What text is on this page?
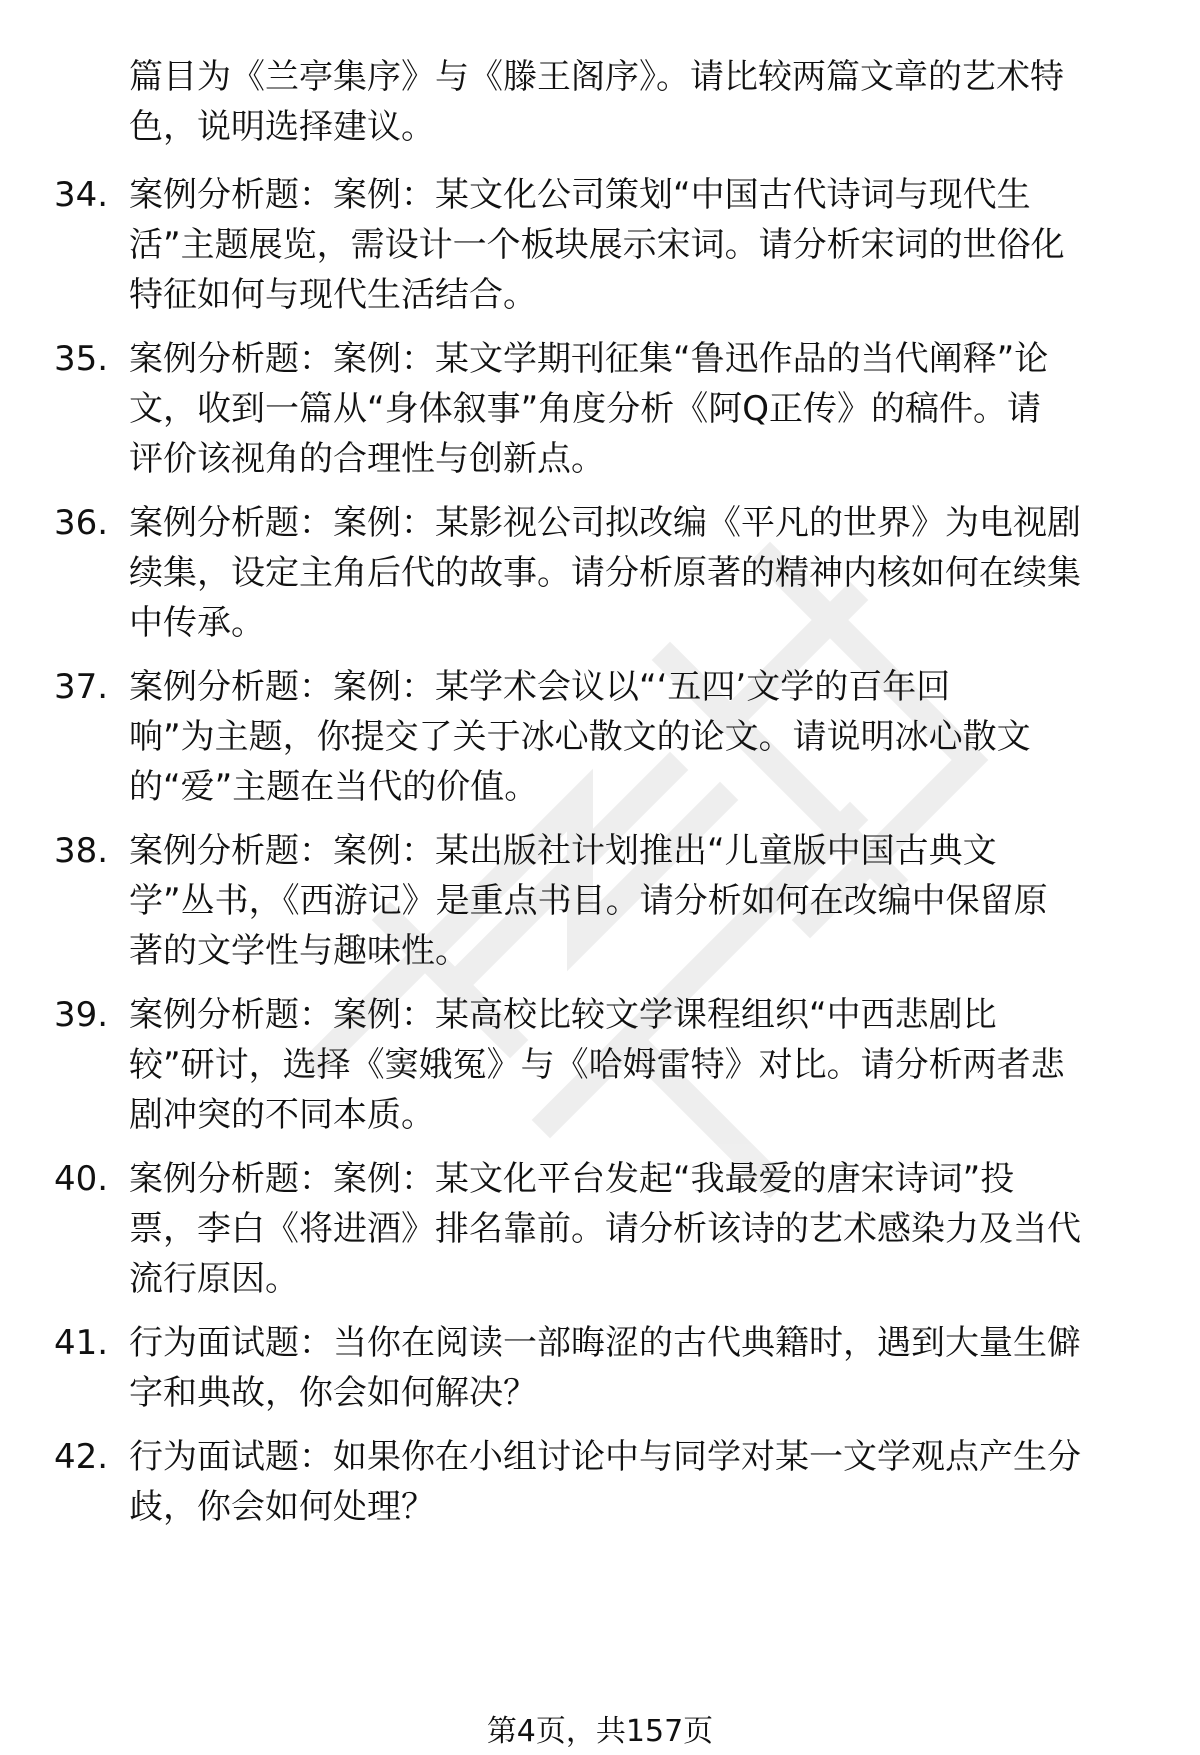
篇目为《兰亭集序》与《滕王阁序》。请比较两篇文章的艺术特
色，说明选择建议。
34. 案例分析题：案例：某文化公司策划“中国古代诗词与现代生
活”主题展览，需设计一个板块展示宋词。请分析宋词的世俗化
特征如何与现代生活结合。
35. 案例分析题：案例：某文学期刊征集“鲁迅作品的当代阐释”论
文，收到一篇从“身体叙事”角度分析《阿Q正传》的稿件。请
评价该视角的合理性与创新点。
36. 案例分析题：案例：某影视公司拟改编《平凡的世界》为电视剧
续集，设定主角后代的故事。请分析原著的精神内核如何在续集
中传承。
37. 案例分析题：案例：某学术会议以“‘五四’文学的百年回
响”为主题，你提交了关于冰心散文的论文。请说明冰心散文
的“爱”主题在当代的价值。
38. 案例分析题：案例：某出版社计划推出“儿童版中国古典文
学”丛书，《西游记》是重点书目。请分析如何在改编中保留原
著的文学性与趣味性。
39. 案例分析题：案例：某高校比较文学课程组织“中西悲剧比
较”研讨，选择《窦娥冤》与《哈姆雷特》对比。请分析两者悲
剧冲突的不同本质。
40. 案例分析题：案例：某文化平台发起“我最爱的唐宋诗词”投
票，李白《将进酒》排名靠前。请分析该诗的艺术感染力及当代
流行原因。
41. 行为面试题：当你在阅读一部晦涩的古代典籍时，遇到大量生僻
字和典故，你会如何解决？
42. 行为面试题：如果你在小组讨论中与同学对某一文学观点产生分
歧，你会如何处理？
第4页，共157页
